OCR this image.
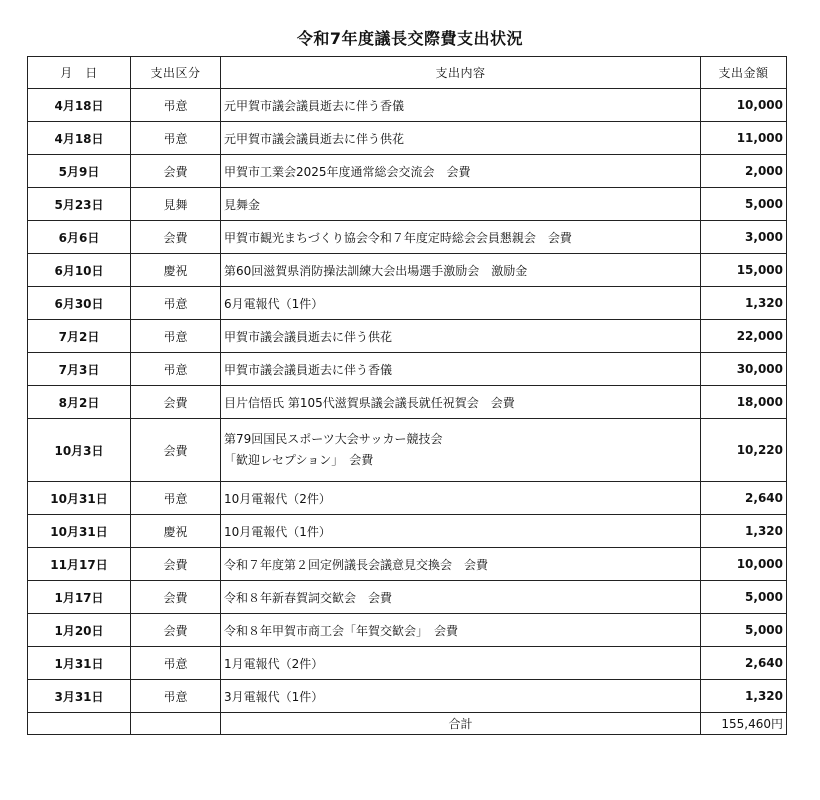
令和7年度議長交際費支出状況
月　日	支出区分	支出内容	支出金額
4月18日	弔意	元甲賀市議会議員逝去に伴う香儀	10,000
4月18日	弔意	元甲賀市議会議員逝去に伴う供花	11,000
5月9日	会費	甲賀市工業会2025年度通常総会交流会　会費	2,000
5月23日	見舞	見舞金	5,000
6月6日	会費	甲賀市観光まちづくり協会令和７年度定時総会会員懇親会　会費	3,000
6月10日	慶祝	第60回滋賀県消防操法訓練大会出場選手激励会　激励金	15,000
6月30日	弔意	6月電報代（1件）	1,320
7月2日	弔意	甲賀市議会議員逝去に伴う供花	22,000
7月3日	弔意	甲賀市議会議員逝去に伴う香儀	30,000
8月2日	会費	目片信悟氏 第105代滋賀県議会議長就任祝賀会　会費	18,000
10月3日	会費	第79回国民スポーツ大会サッカー競技会
「歓迎レセプション」　会費	10,220
10月31日	弔意	10月電報代（2件）	2,640
10月31日	慶祝	10月電報代（1件）	1,320
11月17日	会費	令和７年度第２回定例議長会議意見交換会　会費	10,000
1月17日	会費	令和８年新春賀詞交歓会　会費	5,000
1月20日	会費	令和８年甲賀市商工会「年賀交歓会」　会費	5,000
1月31日	弔意	1月電報代（2件）	2,640
3月31日	弔意	3月電報代（1件）	1,320
		合計	155,460円
